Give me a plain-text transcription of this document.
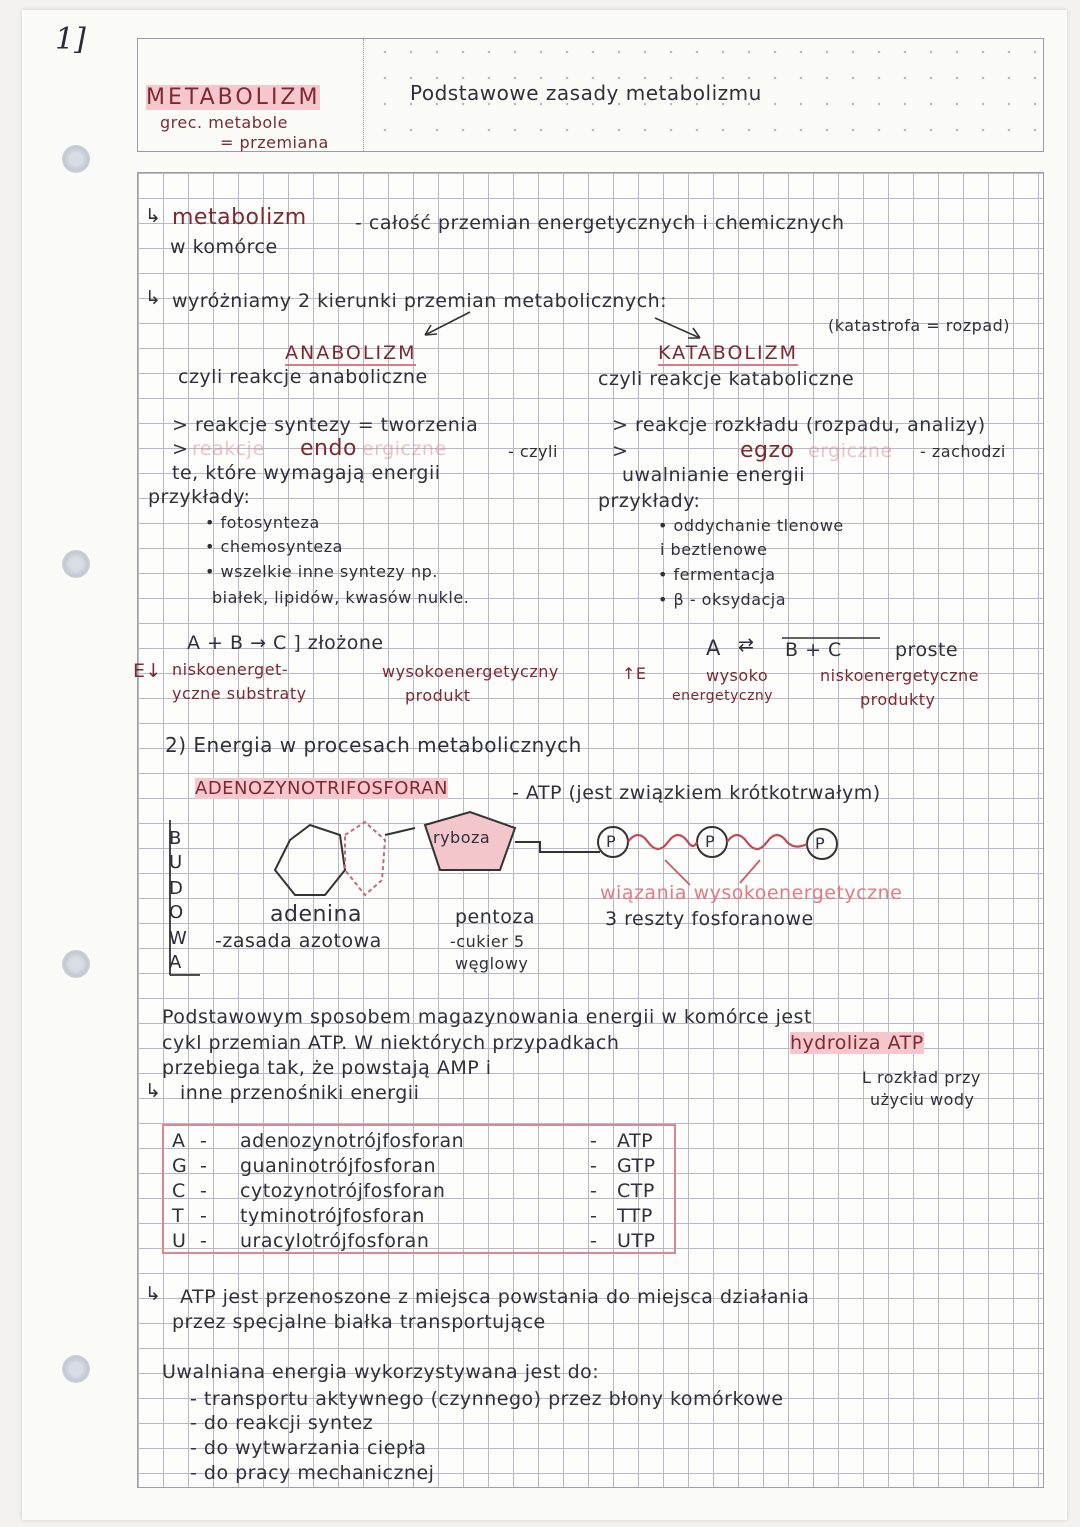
1]
METABOLIZM
grec. metabole
= przemiana
Podstawowe zasady metabolizmu
↳ metabolizm	- całość przemian energetycznych i chemicznych
w komórce
↳ wyróżniamy 2 kierunki przemian metabolicznych:
(katastrofa = rozpad)
ANABOLIZM
czyli reakcje anaboliczne
> reakcje syntezy = tworzenia
> reakcje endo ergiczne	- czyli
te, które wymagają energii
przykłady:
• fotosynteza
• chemosynteza
• wszelkie inne syntezy np.
białek, lipidów, kwasów nukle.
A + B → C ] złożone
E↓ niskoenerget-
yczne substraty
wysokoenergetyczny
produkt
↑E
KATABOLIZM
czyli reakcje kataboliczne
> reakcje rozkładu (rozpadu, analizy)
>	egzo ergiczne - zachodzi
uwalnianie energii
przykłady:
• oddychanie tlenowe
i beztlenowe
• fermentacja
• β - oksydacja
A ⇄ B + C	proste
wysoko
energetyczny
niskoenergetyczne
produkty
2) Energia w procesach metabolicznych
ADENOZYNOTRIFOSFORAN	- ATP (jest związkiem krótkotrwałym)
B
U
D
O
W
A
ryboza	P	P	P
wiązania wysokoenergetyczne
3 reszty fosforanowe
adenina
-zasada azotowa
pentoza
-cukier 5
węglowy
Podstawowym sposobem magazynowania energii w komórce jest
cykl przemian ATP. W niektórych przypadkach	hydroliza ATP
przebiega tak, że powstają AMP i	L rozkład przy
użyciu wody
↳ inne przenośniki energii
A - adenozynotrójfosforan	- ATP
G - guaninotrójfosforan	- GTP
C - cytozynotrójfosforan	- CTP
T - tyminotrójfosforan	- TTP
U - uracylotrójfosforan	- UTP
↳ ATP jest przenoszone z miejsca powstania do miejsca działania
przez specjalne białka transportujące
Uwalniana energia wykorzystywana jest do:
- transportu aktywnego (czynnego) przez błony komórkowe
- do reakcji syntez
- do wytwarzania ciepła
- do pracy mechanicznej
